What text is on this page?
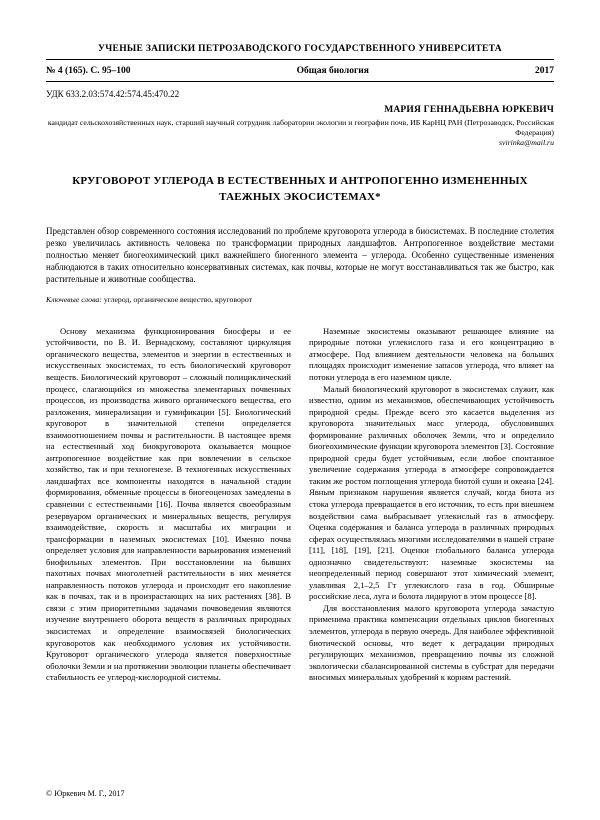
УЧЕНЫЕ ЗАПИСКИ ПЕТРОЗАВОДСКОГО ГОСУДАРСТВЕННОГО УНИВЕРСИТЕТА
№ 4 (165). С. 95–100	Общая биология	2017
УДК 633.2.03:574.42:574.45:470.22
МАРИЯ ГЕННАДЬЕВНА ЮРКЕВИЧ
кандидат сельскохозяйственных наук, старший научный сотрудник лаборатории экологии и географии почв, ИБ КарНЦ РАН (Петрозаводск, Российская Федерация)
svirinka@mail.ru
КРУГОВОРОТ УГЛЕРОДА В ЕСТЕСТВЕННЫХ И АНТРОПОГЕННО ИЗМЕНЕННЫХ ТАЕЖНЫХ ЭКОСИСТЕМАХ*
Представлен обзор современного состояния исследований по проблеме круговорота углерода в биосистемах. В последние столетия резко увеличилась активность человека по трансформации природных ландшафтов. Антропогенное воздействие местами полностью меняет биогеохимический цикл важнейшего биогенного элемента – углерода. Особенно существенные изменения наблюдаются в таких относительно консервативных системах, как почвы, которые не могут восстанавливаться так же быстро, как растительные и животные сообщества.
Ключевые слова: углерод, органическое вещество, круговорот

Основу механизма функционирования биосферы и ее устойчивости, по В. И. Вернадскому, составляют циркуляция органического вещества, элементов и энергии в естественных и искусственных экосистемах, то есть биологический круговорот веществ. Биологический круговорот – сложный полициклический процесс, слагающийся из множества элементарных почвенных процессов, из производства живого органического вещества, его разложения, минерализации и гумификации [5]. Биологический круговорот в значительной степени определяется взаимоотношением почвы и растительности. В настоящее время на естественный ход биокруговорота оказывается мощное антропогенное воздействие как при вовлечении в сельское хозяйство, так и при техногенезе. В техногенных искусственных ландшафтах все компоненты находятся в начальной стадии формирования, обменные процессы в биогеоценозах замедлены в сравнении с естественными [16]. Почва является своеобразным резервуаром органических и минеральных веществ, регулируя взаимодействие, скорость и масштабы их миграции и трансформации в наземных экосистемах [10]. Именно почва определяет условия для направленности варьирования изменений биофильных элементов. При восстановлении на бывших пахотных почвах многолетней растительности в них меняется направленность потоков углерода и происходит его накопление как в почвах, так и в произрастающих на них растениях [38]. В связи с этим приоритетными задачами почвоведения являются изучение внутреннего оборота веществ в различных природных экосистемах и определение взаимосвязей биологических круговоротов как необходимого условия их устойчивости. Круговорот органического углерода является поверхностные оболочки Земли и на протяжении эволюции планеты обеспечивает стабильность ее углерод-кислородной системы.

Наземные экосистемы оказывают решающее влияние на природные потоки углекислого газа и его концентрацию в атмосфере. Под влиянием деятельности человека на больших площадях происходит изменение запасов углерода, что влияет на потоки углерода в его наземном цикле.

Малый биологический круговорот в экосистемах служит, как известно, одним из механизмов, обеспечивающих устойчивость природной среды. Прежде всего это касается выделения из круговорота значительных масс углерода, обусловивших формирование различных оболочек Земли, что и определило биогеохимические функции круговорота элементов [3]. Состояние природной среды будет устойчивым, если любое спонтанное увеличение содержания углерода в атмосфере сопровождается таким же ростом поглощения углерода биотой суши и океана [24]. Явным признаком нарушения является случай, когда биота из стока углерода превращается в его источник, то есть при внешнем воздействии сама выбрасывает углекислый газ в атмосферу. Оценка содержания и баланса углерода в различных природных сферах осуществлялась многими исследователями в нашей стране [11], [18], [19], [21]. Оценки глобального баланса углерода однозначно свидетельствуют: наземные экосистемы на неопределенный период совершают этот химический элемент, улавливая 2,1–2,5 Гт углекислого газа в год. Обширные российские леса, луга и болота лидируют в этом процессе [8].

Для восстановления малого круговорота углерода зачастую применима практика компенсации отдельных циклов биогенных элементов, углерода в первую очередь. Для наиболее эффективной биотической основы, что ведет к деградации природных регулирующих механизмов, превращению почвы из сложной экологически сбалансированной системы в субстрат для передачи вносимых минеральных удобрений к корням растений.

© Юркевич М. Г., 2017
